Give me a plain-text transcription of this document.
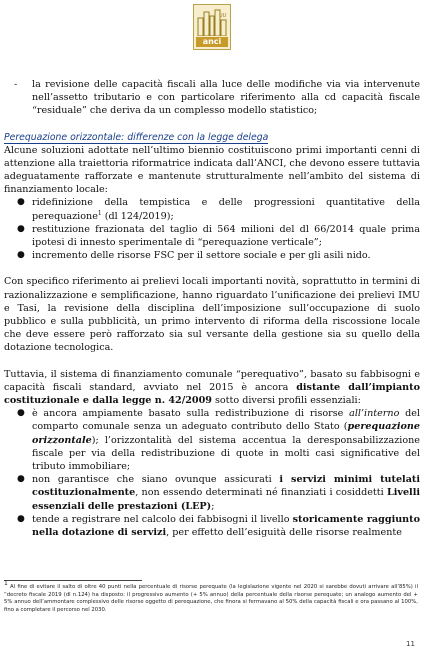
UU
anci
- la revisione delle capacità fiscali alla luce delle modifiche via via intervenute nell’assetto tributario e con particolare riferimento alla cd capacità fiscale “residuale” che deriva da un complesso modello statistico;

Perequazione orizzontale: differenze con la legge delega

Alcune soluzioni adottate nell’ultimo biennio costituiscono primi importanti cenni di attenzione alla traiettoria riformatrice indicata dall’ANCI, che devono essere tuttavia adeguatamente rafforzate e mantenute strutturalmente nell’ambito del sistema di finanziamento locale:

● ridefinizione della tempistica e delle progressioni quantitative della perequazione$^1$ (dl 124/2019);
● restituzione frazionata del taglio di 564 milioni del dl 66/2014 quale prima ipotesi di innesto sperimentale di “perequazione verticale”;
● incremento delle risorse FSC per il settore sociale e per gli asili nido.

Con specifico riferimento ai prelievi locali importanti novità, soprattutto in termini di razionalizzazione e semplificazione, hanno riguardato l’unificazione dei prelievi IMU e Tasi, la revisione della disciplina dell’imposizione sull’occupazione di suolo pubblico e sulla pubblicità, un primo intervento di riforma della riscossione locale che deve essere però rafforzato sia sul versante della gestione sia su quello della dotazione tecnologica.

Tuttavia, il sistema di finanziamento comunale “perequativo”, basato su fabbisogni e capacità fiscali standard, avviato nel 2015 è ancora distante dall’impianto costituzionale e dalla legge n. 42/2009 sotto diversi profili essenziali:

● è ancora ampiamente basato sulla redistribuzione di risorse all’interno del comparto comunale senza un adeguato contributo dello Stato (perequazione orizzontale); l’orizzontalità del sistema accentua la deresponsabilizzazione fiscale per via della redistribuzione di quote in molti casi significative del tributo immobiliare;
● non garantisce che siano ovunque assicurati i servizi minimi tutelati costituzionalmente, non essendo determinati né finanziati i cosiddetti Livelli essenziali delle prestazioni (LEP);
● tende a registrare nel calcolo dei fabbisogni il livello storicamente raggiunto nella dotazione di servizi, per effetto dell’esiguità delle risorse realmente
$^1$ Al fine di evitare il salto di oltre 40 punti nella percentuale di risorse perequate (la legislazione vigente nel 2020 si sarebbe dovuti arrivare all’85%) il “decreto fiscale 2019 (dl n.124) ha disposto: il progressivo aumento (+ 5% annuo) della percentuale della risorse perequate; un analogo aumento del + 5% annuo dell’ammontare complessivo delle risorse oggetto di perequazione, che finora si fermavano al 50% della capacità fiscali e ora passano al 100%, fino a completare il percorso nel 2030.
11
